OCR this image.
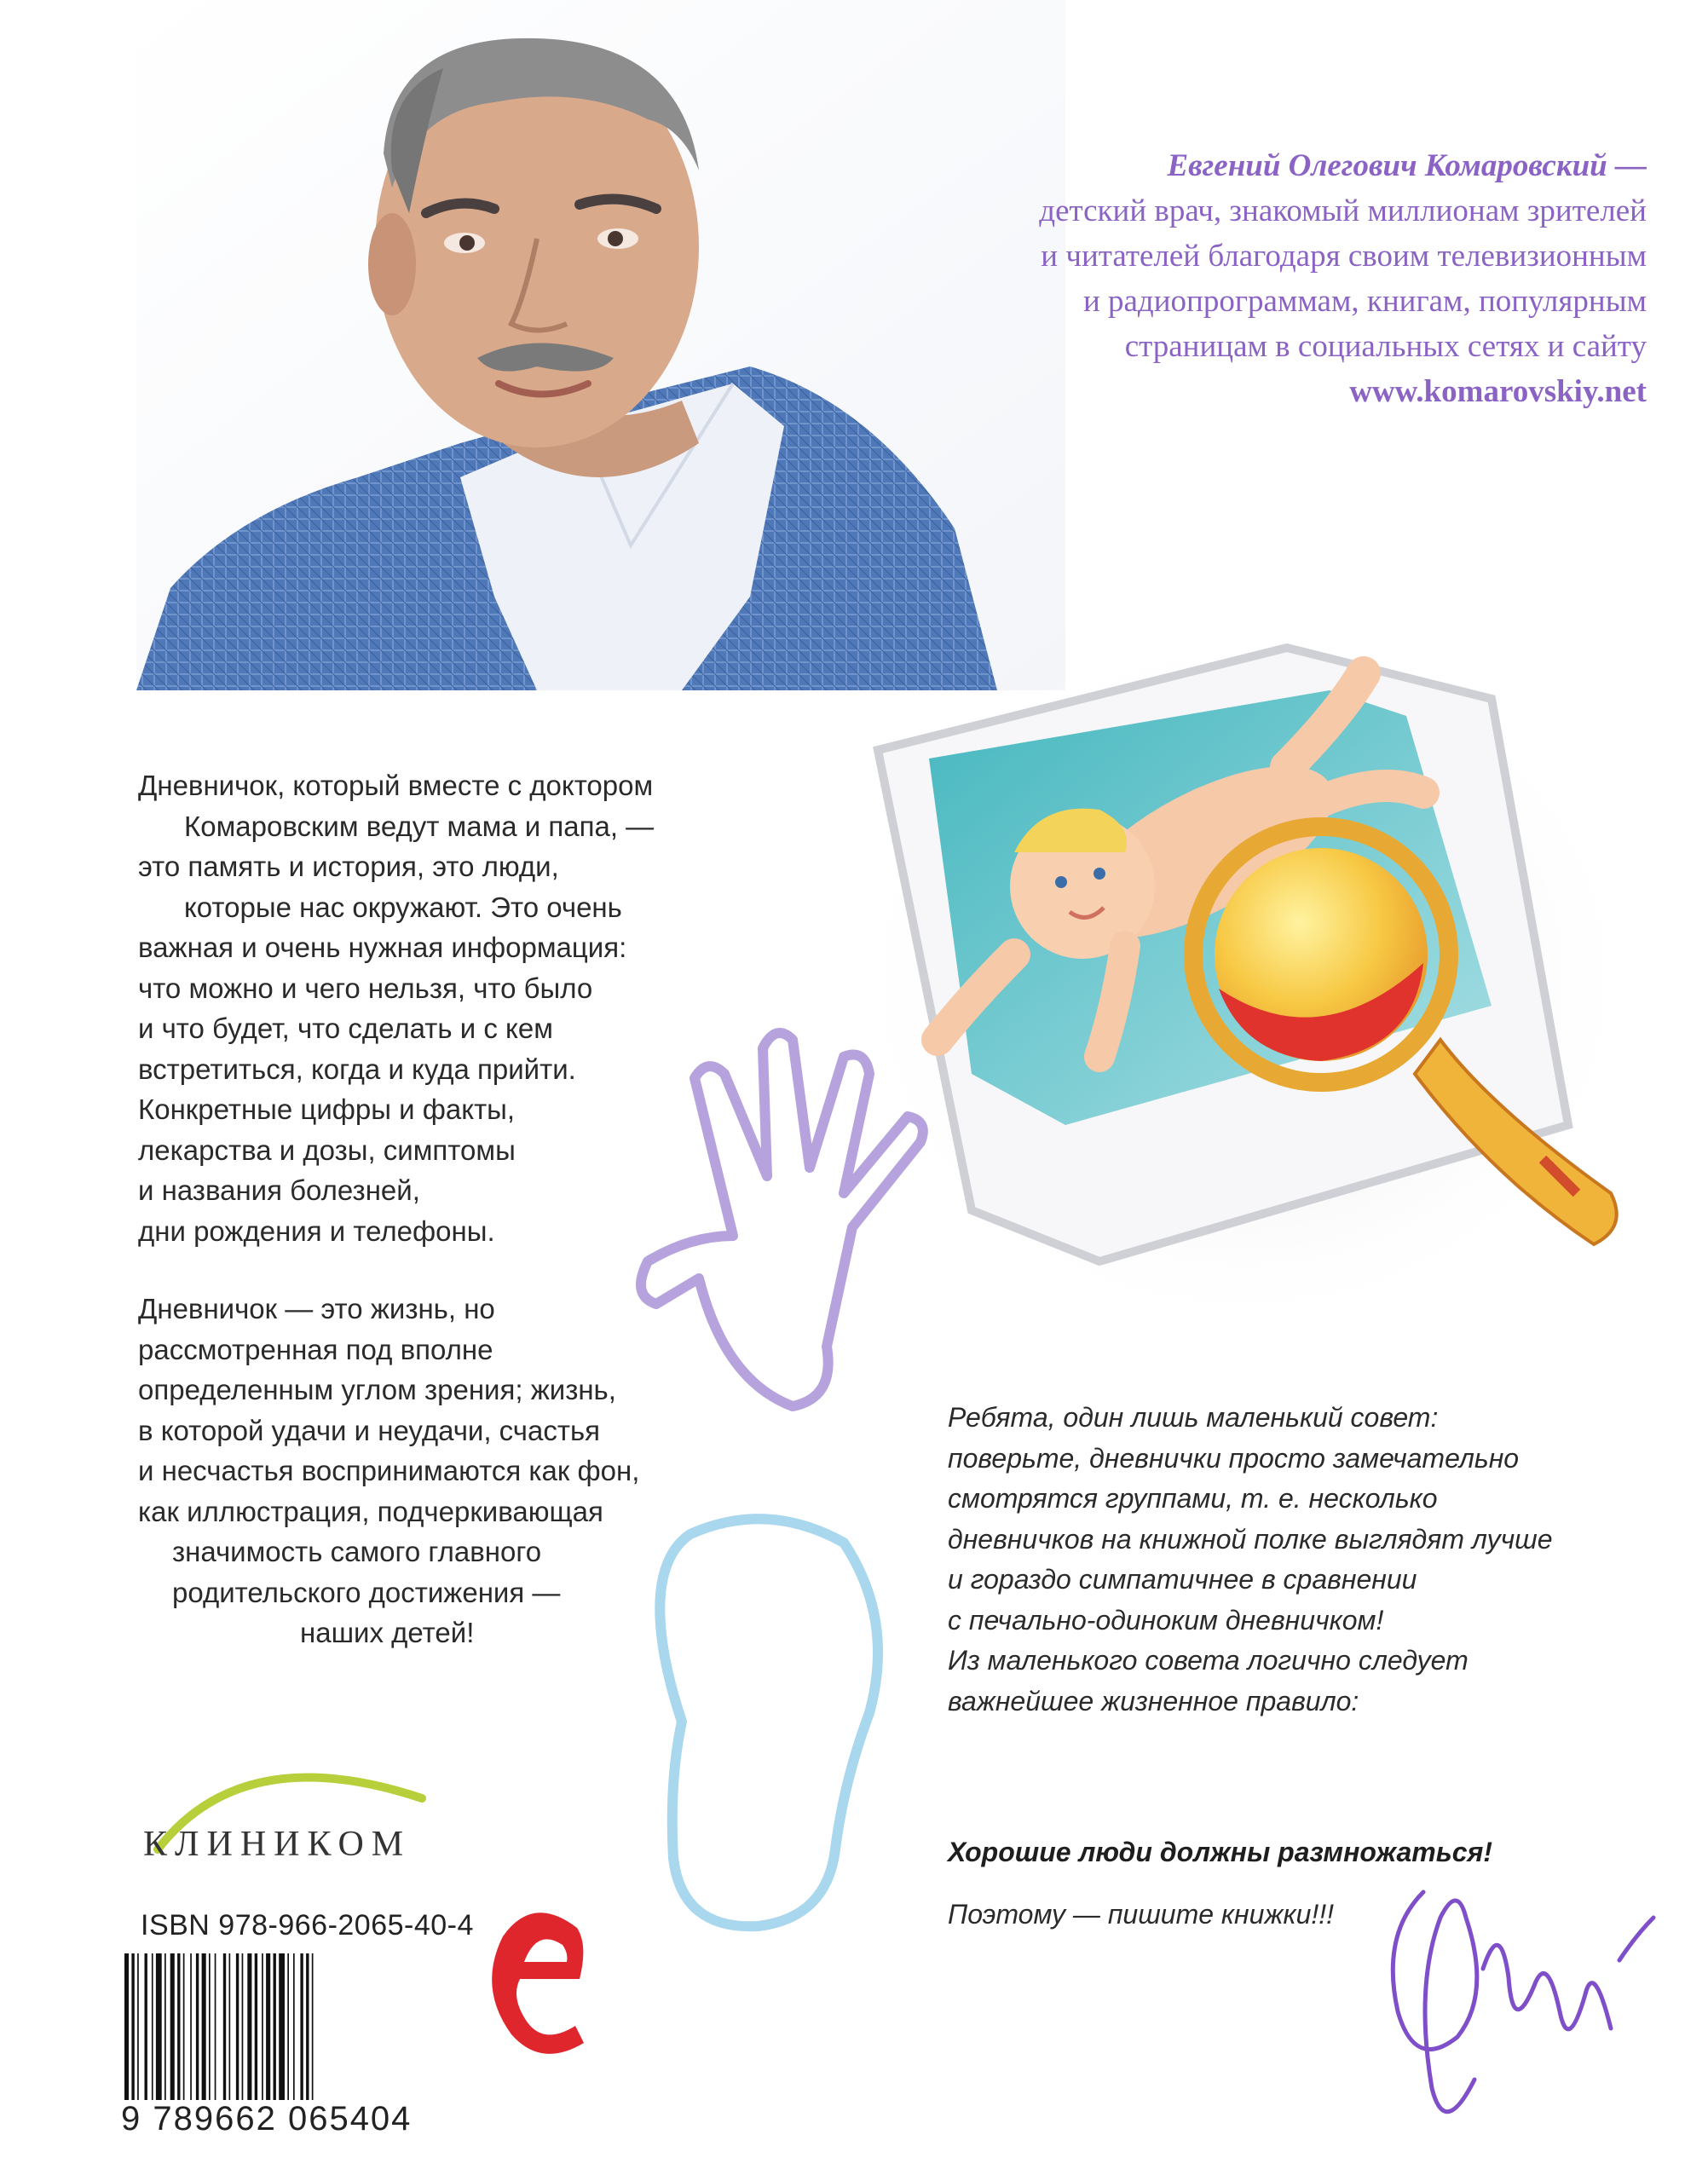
Евгений Олегович Комаровский —
детский врач, знакомый миллионам зрителей
и читателей благодаря своим телевизионным
и радиопрограммам, книгам, популярным
страницам в социальных сетях и сайту
www.komarovskiy.net
Дневничок, который вместе с доктором
Комаровским ведут мама и папа, —
это память и история, это люди,
которые нас окружают. Это очень
важная и очень нужная информация:
что можно и чего нельзя, что было
и что будет, что сделать и с кем
встретиться, когда и куда прийти.
Конкретные цифры и факты,
лекарства и дозы, симптомы
и названия болезней,
дни рождения и телефоны.
Дневничок — это жизнь, но
рассмотренная под вполне
определенным углом зрения; жизнь,
в которой удачи и неудачи, счастья
и несчастья воспринимаются как фон,
как иллюстрация, подчеркивающая
значимость самого главного
родительского достижения —
наших детей!
Ребята, один лишь маленький совет:
поверьте, дневнички просто замечательно
смотрятся группами, т. е. несколько
дневничков на книжной полке выглядят лучше
и гораздо симпатичнее в сравнении
с печально-одиноким дневничком!
Из маленького совета логично следует
важнейшее жизненное правило:
Хорошие люди должны размножаться!
Поэтому — пишите книжки!!!
КЛИНИКОМ
ISBN 978-966-2065-40-4
9 789662 065404
